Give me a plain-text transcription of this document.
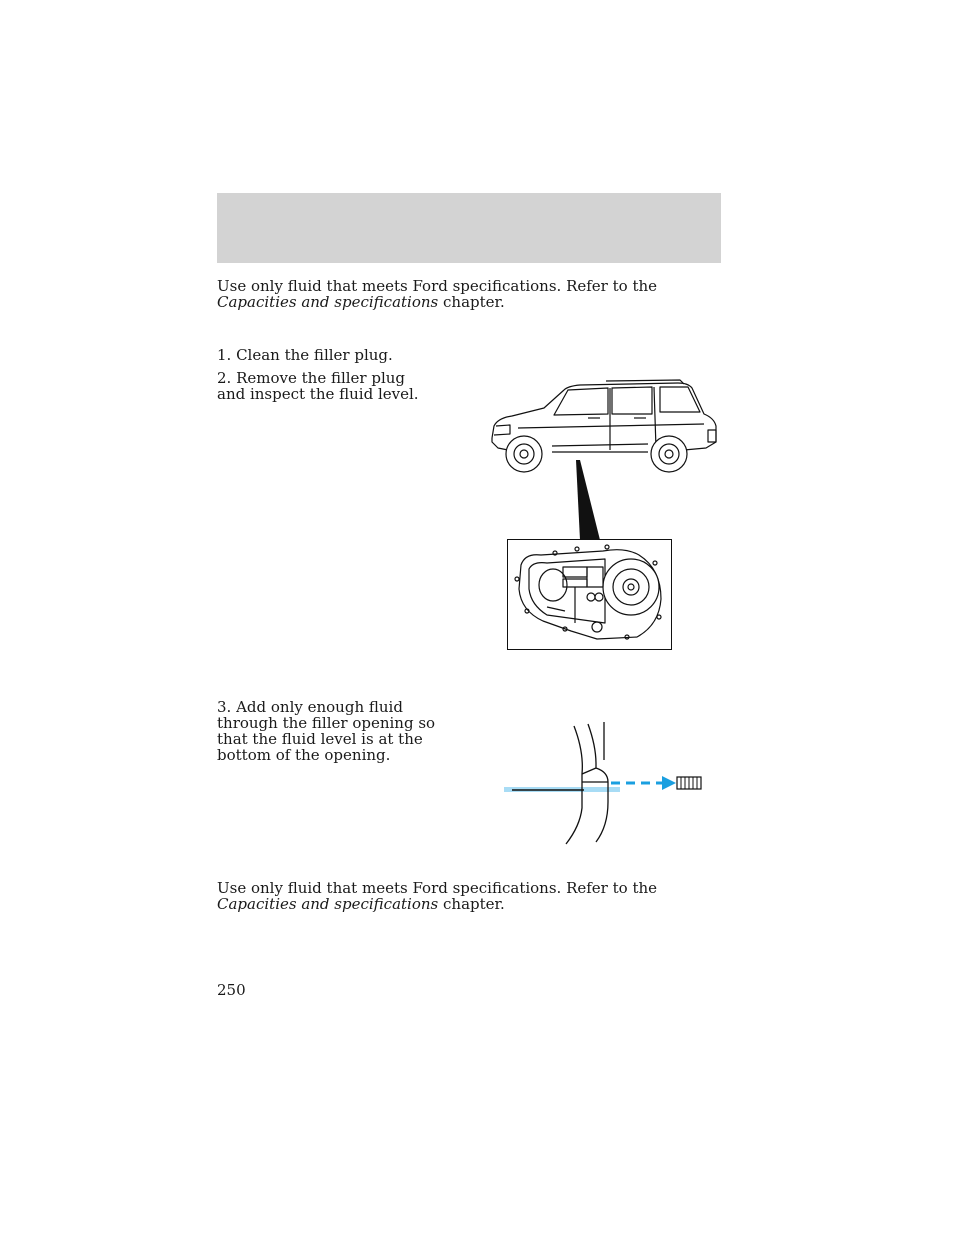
Use only fluid that meets Ford specifications. Refer to the Capacities and specifications chapter.

1. Clean the filler plug.

2. Remove the filler plug and inspect the fluid level.

3. Add only enough fluid through the filler opening so that the fluid level is at the bottom of the opening.

Use only fluid that meets Ford specifications. Refer to the Capacities and specifications chapter.

250
